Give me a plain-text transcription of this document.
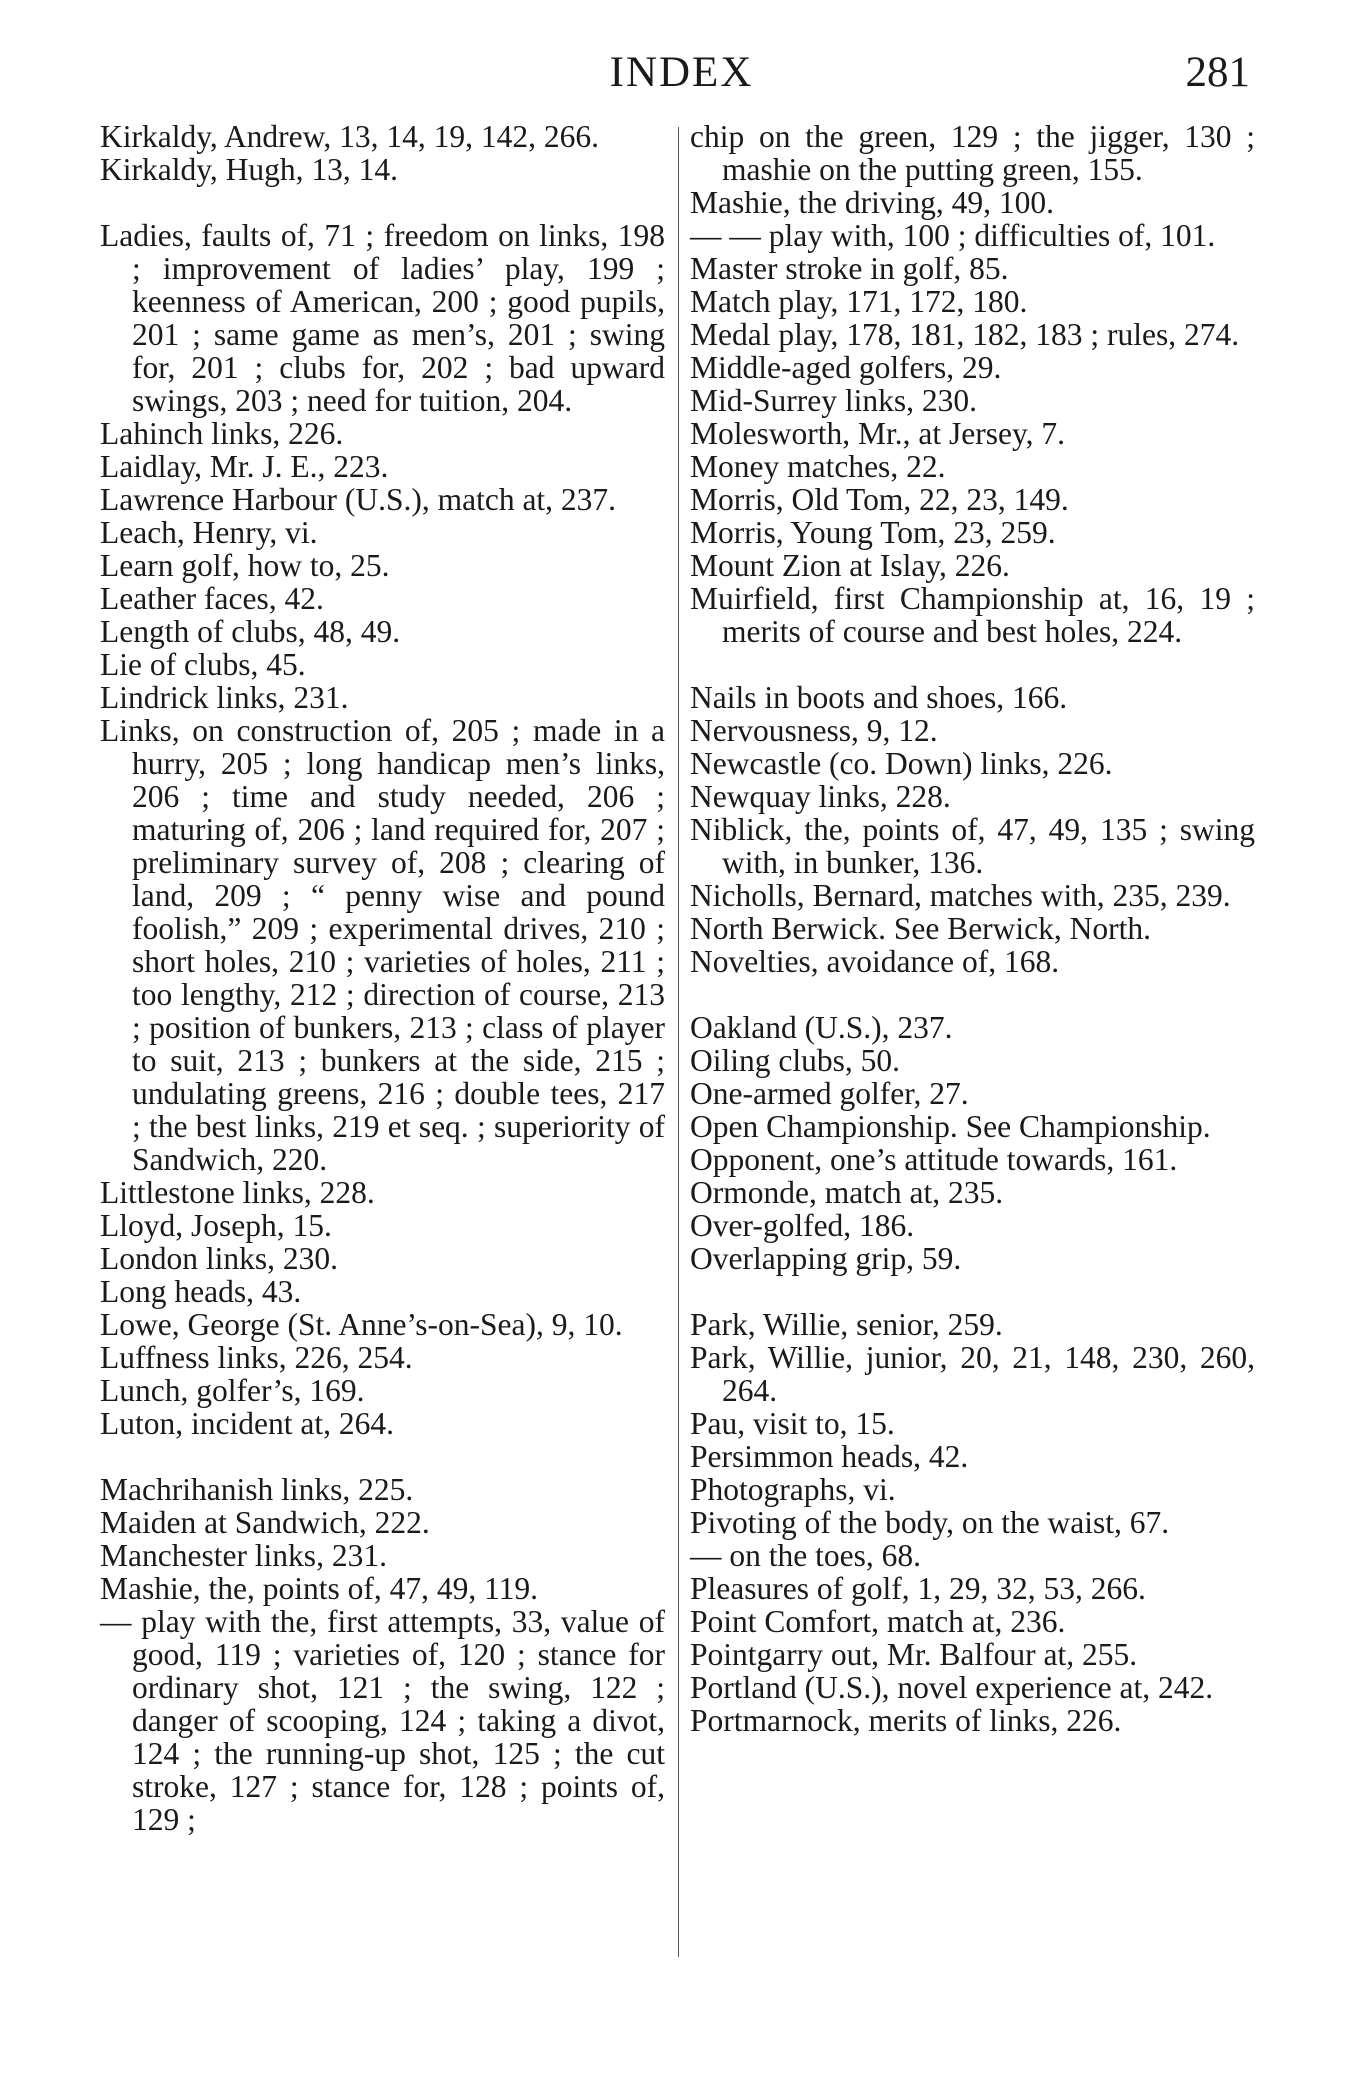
INDEX	281

Kirkaldy, Andrew, 13, 14, 19, 142, 266.

Kirkaldy, Hugh, 13, 14.

Ladies, faults of, 71 ; freedom on links, 198 ; improvement of ladies’ play, 199 ; keenness of American, 200 ; good pupils, 201 ; same game as men’s, 201 ; swing for, 201 ; clubs for, 202 ; bad upward swings, 203 ; need for tuition, 204.

Lahinch links, 226.

Laidlay, Mr. J. E., 223.

Lawrence Harbour (U.S.), match at, 237.

Leach, Henry, vi.

Learn golf, how to, 25.

Leather faces, 42.

Length of clubs, 48, 49.

Lie of clubs, 45.

Lindrick links, 231.

Links, on construction of, 205 ; made in a hurry, 205 ; long handicap men’s links, 206 ; time and study needed, 206 ; maturing of, 206 ; land required for, 207 ; preliminary survey of, 208 ; clearing of land, 209 ; “ penny wise and pound foolish,” 209 ; experimental drives, 210 ; short holes, 210 ; varieties of holes, 211 ; too lengthy, 212 ; direction of course, 213 ; position of bunkers, 213 ; class of player to suit, 213 ; bunkers at the side, 215 ; undulating greens, 216 ; double tees, 217 ; the best links, 219 et seq. ; superiority of Sandwich, 220.

Littlestone links, 228.

Lloyd, Joseph, 15.

London links, 230.

Long heads, 43.

Lowe, George (St. Anne’s-on-Sea), 9, 10.

Luffness links, 226, 254.

Lunch, golfer’s, 169.

Luton, incident at, 264.

Machrihanish links, 225.

Maiden at Sandwich, 222.

Manchester links, 231.

Mashie, the, points of, 47, 49, 119.

— play with the, first attempts, 33, value of good, 119 ; varieties of, 120 ; stance for ordinary shot, 121 ; the swing, 122 ; danger of scooping, 124 ; taking a divot, 124 ; the running-up shot, 125 ; the cut stroke, 127 ; stance for, 128 ; points of, 129 ;

chip on the green, 129 ; the jigger, 130 ; mashie on the putting green, 155.

Mashie, the driving, 49, 100.

— — play with, 100 ; difficulties of, 101.

Master stroke in golf, 85.

Match play, 171, 172, 180.

Medal play, 178, 181, 182, 183 ; rules, 274.

Middle-aged golfers, 29.

Mid-Surrey links, 230.

Molesworth, Mr., at Jersey, 7.

Money matches, 22.

Morris, Old Tom, 22, 23, 149.

Morris, Young Tom, 23, 259.

Mount Zion at Islay, 226.

Muirfield, first Championship at, 16, 19 ; merits of course and best holes, 224.

Nails in boots and shoes, 166.

Nervousness, 9, 12.

Newcastle (co. Down) links, 226.

Newquay links, 228.

Niblick, the, points of, 47, 49, 135 ; swing with, in bunker, 136.

Nicholls, Bernard, matches with, 235, 239.

North Berwick. See Berwick, North.

Novelties, avoidance of, 168.

Oakland (U.S.), 237.

Oiling clubs, 50.

One-armed golfer, 27.

Open Championship. See Championship.

Opponent, one’s attitude towards, 161.

Ormonde, match at, 235.

Over-golfed, 186.

Overlapping grip, 59.

Park, Willie, senior, 259.

Park, Willie, junior, 20, 21, 148, 230, 260, 264.

Pau, visit to, 15.

Persimmon heads, 42.

Photographs, vi.

Pivoting of the body, on the waist, 67.

— on the toes, 68.

Pleasures of golf, 1, 29, 32, 53, 266.

Point Comfort, match at, 236.

Pointgarry out, Mr. Balfour at, 255.

Portland (U.S.), novel experience at, 242.

Portmarnock, merits of links, 226.
